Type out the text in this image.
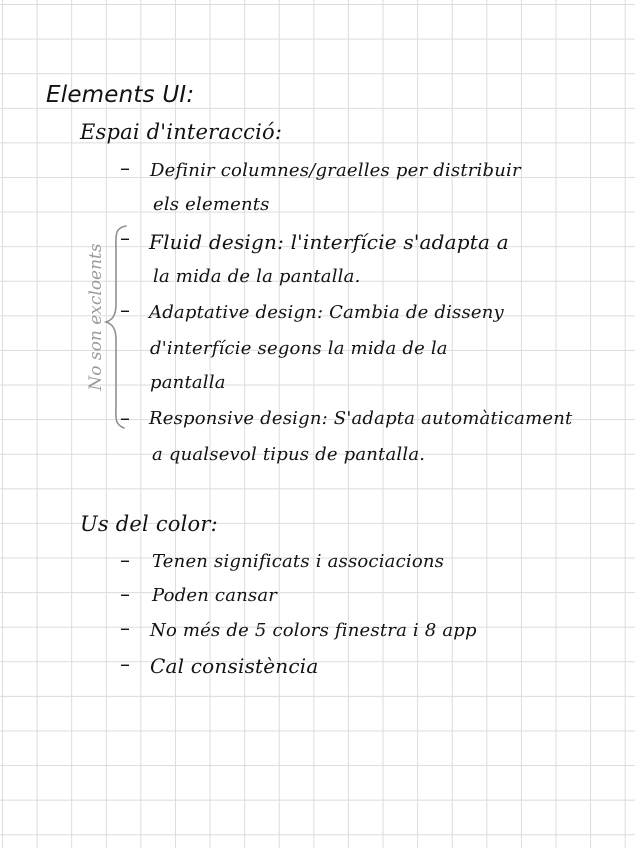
Elements UI:
Espai d'interacció:
– Definir columnes/graelles per distribuir
els elements
No son excloents
– Fluid design: l'interfície s'adapta a
la mida de la pantalla.
– Adaptative design: Cambia de disseny
d'interfície segons la mida de la
pantalla
– Responsive design: S'adapta automàticament
a qualsevol tipus de pantalla.
Us del color:
– Tenen significats i associacions
– Poden cansar
– No més de 5 colors finestra i 8 app
– Cal consistència
